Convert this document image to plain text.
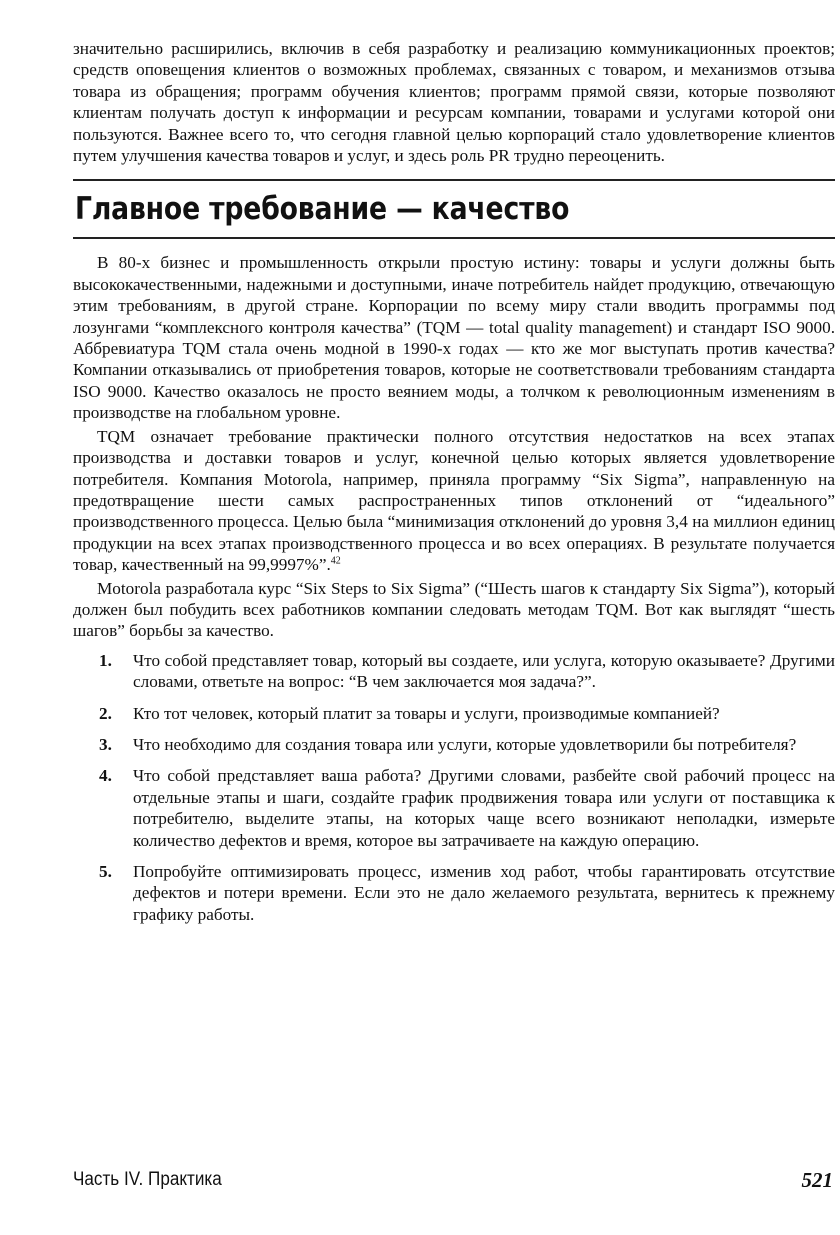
значительно расширились, включив в себя разработку и реализацию коммуникационных проектов; средств оповещения клиентов о возможных проблемах, связанных с товаром, и механизмов отзыва товара из обращения; программ обучения клиентов; программ прямой связи, которые позволяют клиентам получать доступ к информации и ресурсам компании, товарами и услугами которой они пользуются. Важнее всего то, что сегодня главной целью корпораций стало удовлетворение клиентов путем улучшения качества товаров и услуг, и здесь роль PR трудно переоценить.

Главное требование — качество

В 80-х бизнес и промышленность открыли простую истину: товары и услуги должны быть высококачественными, надежными и доступными, иначе потребитель найдет продукцию, отвечающую этим требованиям, в другой стране. Корпорации по всему миру стали вводить программы под лозунгами “комплексного контроля качества” (TQM — total quality management) и стандарт ISO 9000. Аббревиатура TQM стала очень модной в 1990-х годах — кто же мог выступать против качества? Компании отказывались от приобретения товаров, которые не соответствовали требованиям стандарта ISO 9000. Качество оказалось не просто веянием моды, а толчком к революционным изменениям в производстве на глобальном уровне.

TQM означает требование практически полного отсутствия недостатков на всех этапах производства и доставки товаров и услуг, конечной целью которых является удовлетворение потребителя. Компания Motorola, например, приняла программу “Six Sigma”, направленную на предотвращение шести самых распространенных типов отклонений от “идеального” производственного процесса. Целью была “минимизация отклонений до уровня 3,4 на миллион единиц продукции на всех этапах производственного процесса и во всех операциях. В результате получается товар, качественный на 99,9997%”.$^{42}$

Motorola разработала курс “Six Steps to Six Sigma” (“Шесть шагов к стандарту Six Sigma”), который должен был побудить всех работников компании следовать методам TQM. Вот как выглядят “шесть шагов” борьбы за качество.

1.	Что собой представляет товар, который вы создаете, или услуга, которую оказываете? Другими словами, ответьте на вопрос: “В чем заключается моя задача?”.
2.	Кто тот человек, который платит за товары и услуги, производимые компанией?
3.	Что необходимо для создания товара или услуги, которые удовлетворили бы потребителя?
4.	Что собой представляет ваша работа? Другими словами, разбейте свой рабочий процесс на отдельные этапы и шаги, создайте график продвижения товара или услуги от поставщика к потребителю, выделите этапы, на которых чаще всего возникают неполадки, измерьте количество дефектов и время, которое вы затрачиваете на каждую операцию.
5.	Попробуйте оптимизировать процесс, изменив ход работ, чтобы гарантировать отсутствие дефектов и потери времени. Если это не дало желаемого результата, вернитесь к прежнему графику работы.
Часть IV. Практика	521
